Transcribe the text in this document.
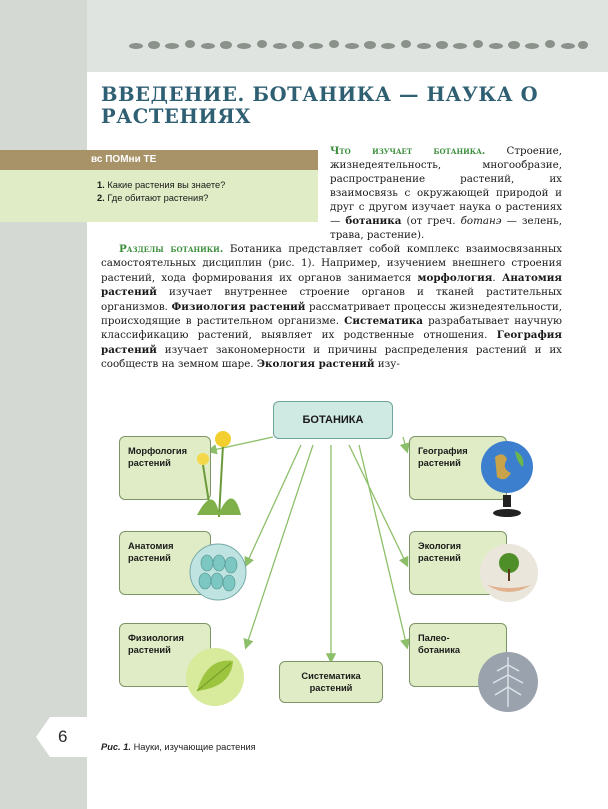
ВВЕДЕНИЕ. БОТАНИКА — НАУКА О РАСТЕНИЯХ
вс ПОМни ТЕ
1. Какие растения вы знаете?
2. Где обитают растения?

Что изучает ботаника. Строение, жизнедеятельность, многообразие, распространение растений, их взаимосвязь с окружающей природой и друг с другом изучает наука о растениях — ботаника (от греч. ботанэ — зелень, трава, растение).

Разделы ботаники. Ботаника представляет собой комплекс взаимосвязанных самостоятельных дисциплин (рис. 1). Например, изучением внешнего строения растений, хода формирования их органов занимается морфология. Анатомия растений изучает внутреннее строение органов и тканей растительных организмов. Физиология растений рассматривает процессы жизнедеятельности, происходящие в растительном организме. Систематика разрабатывает научную классификацию растений, выявляет их родственные отношения. География растений изучает закономерности и причины распределения растений и их сообществ на земном шаре. Экология растений изу-

БОТАНИКА
Морфология растений
Анатомия растений
Физиология растений
Систематика растений
География растений
Экология растений
Палео- ботаника
6
Рис. 1. Науки, изучающие растения
